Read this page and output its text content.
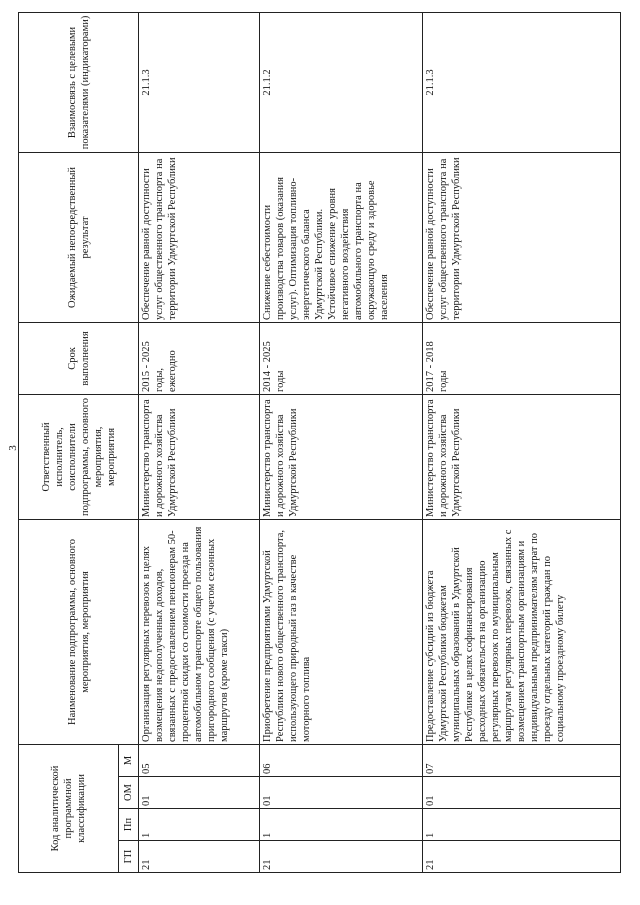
3
Код аналитической программной классификации				Наименование подпрограммы, основного мероприятия, мероприятия	Ответственный исполнитель, соисполнители подпрограммы, основного мероприятия, мероприятия	Срок выполнения	Ожидаемый непосредственный результат	Взаимосвязь с целевыми показателями (индикаторами)
ГП	Пп	ОМ	М					
21	1	01	05	Организация регулярных перевозок в целях возмещения недополученных доходов, связанных с предоставлением пенсионерам 50-процентной скидки со стоимости проезда на автомобильном транспорте общего пользования пригородного сообщения (с учетом сезонных маршрутов (кроме такси)	Министерство транспорта и дорожного хозяйства Удмуртской Республики	2015 - 2025 годы, ежегодно	Обеспечение равной доступности услуг общественного транспорта на территории Удмуртской Республики	21.1.3
21	1	01	06	Приобретение предприятиями Удмуртской Республики нового общественного транспорта, использующего природный газ в качестве моторного топлива	Министерство транспорта и дорожного хозяйства Удмуртской Республики	2014 - 2025 годы	Снижение себестоимости производства товаров (оказания услуг). Оптимизация топливно-энергетического баланса Удмуртской Республики. Устойчивое снижение уровня негативного воздействия автомобильного транспорта на окружающую среду и здоровье населения	21.1.2
21	1	01	07	Предоставление субсидий из бюджета Удмуртской Республики бюджетам муниципальных образований в Удмуртской Республике в целях софинансирования расходных обязательств на организацию регулярных перевозок по муниципальным маршрутам регулярных перевозок, связанных с возмещением транспортным организациям и индивидуальным предпринимателям затрат по проезду отдельных категорий граждан по социальному проездному билету	Министерство транспорта и дорожного хозяйства Удмуртской Республики	2017 - 2018 годы	Обеспечение равной доступности услуг общественного транспорта на территории Удмуртской Республики	21.1.3
